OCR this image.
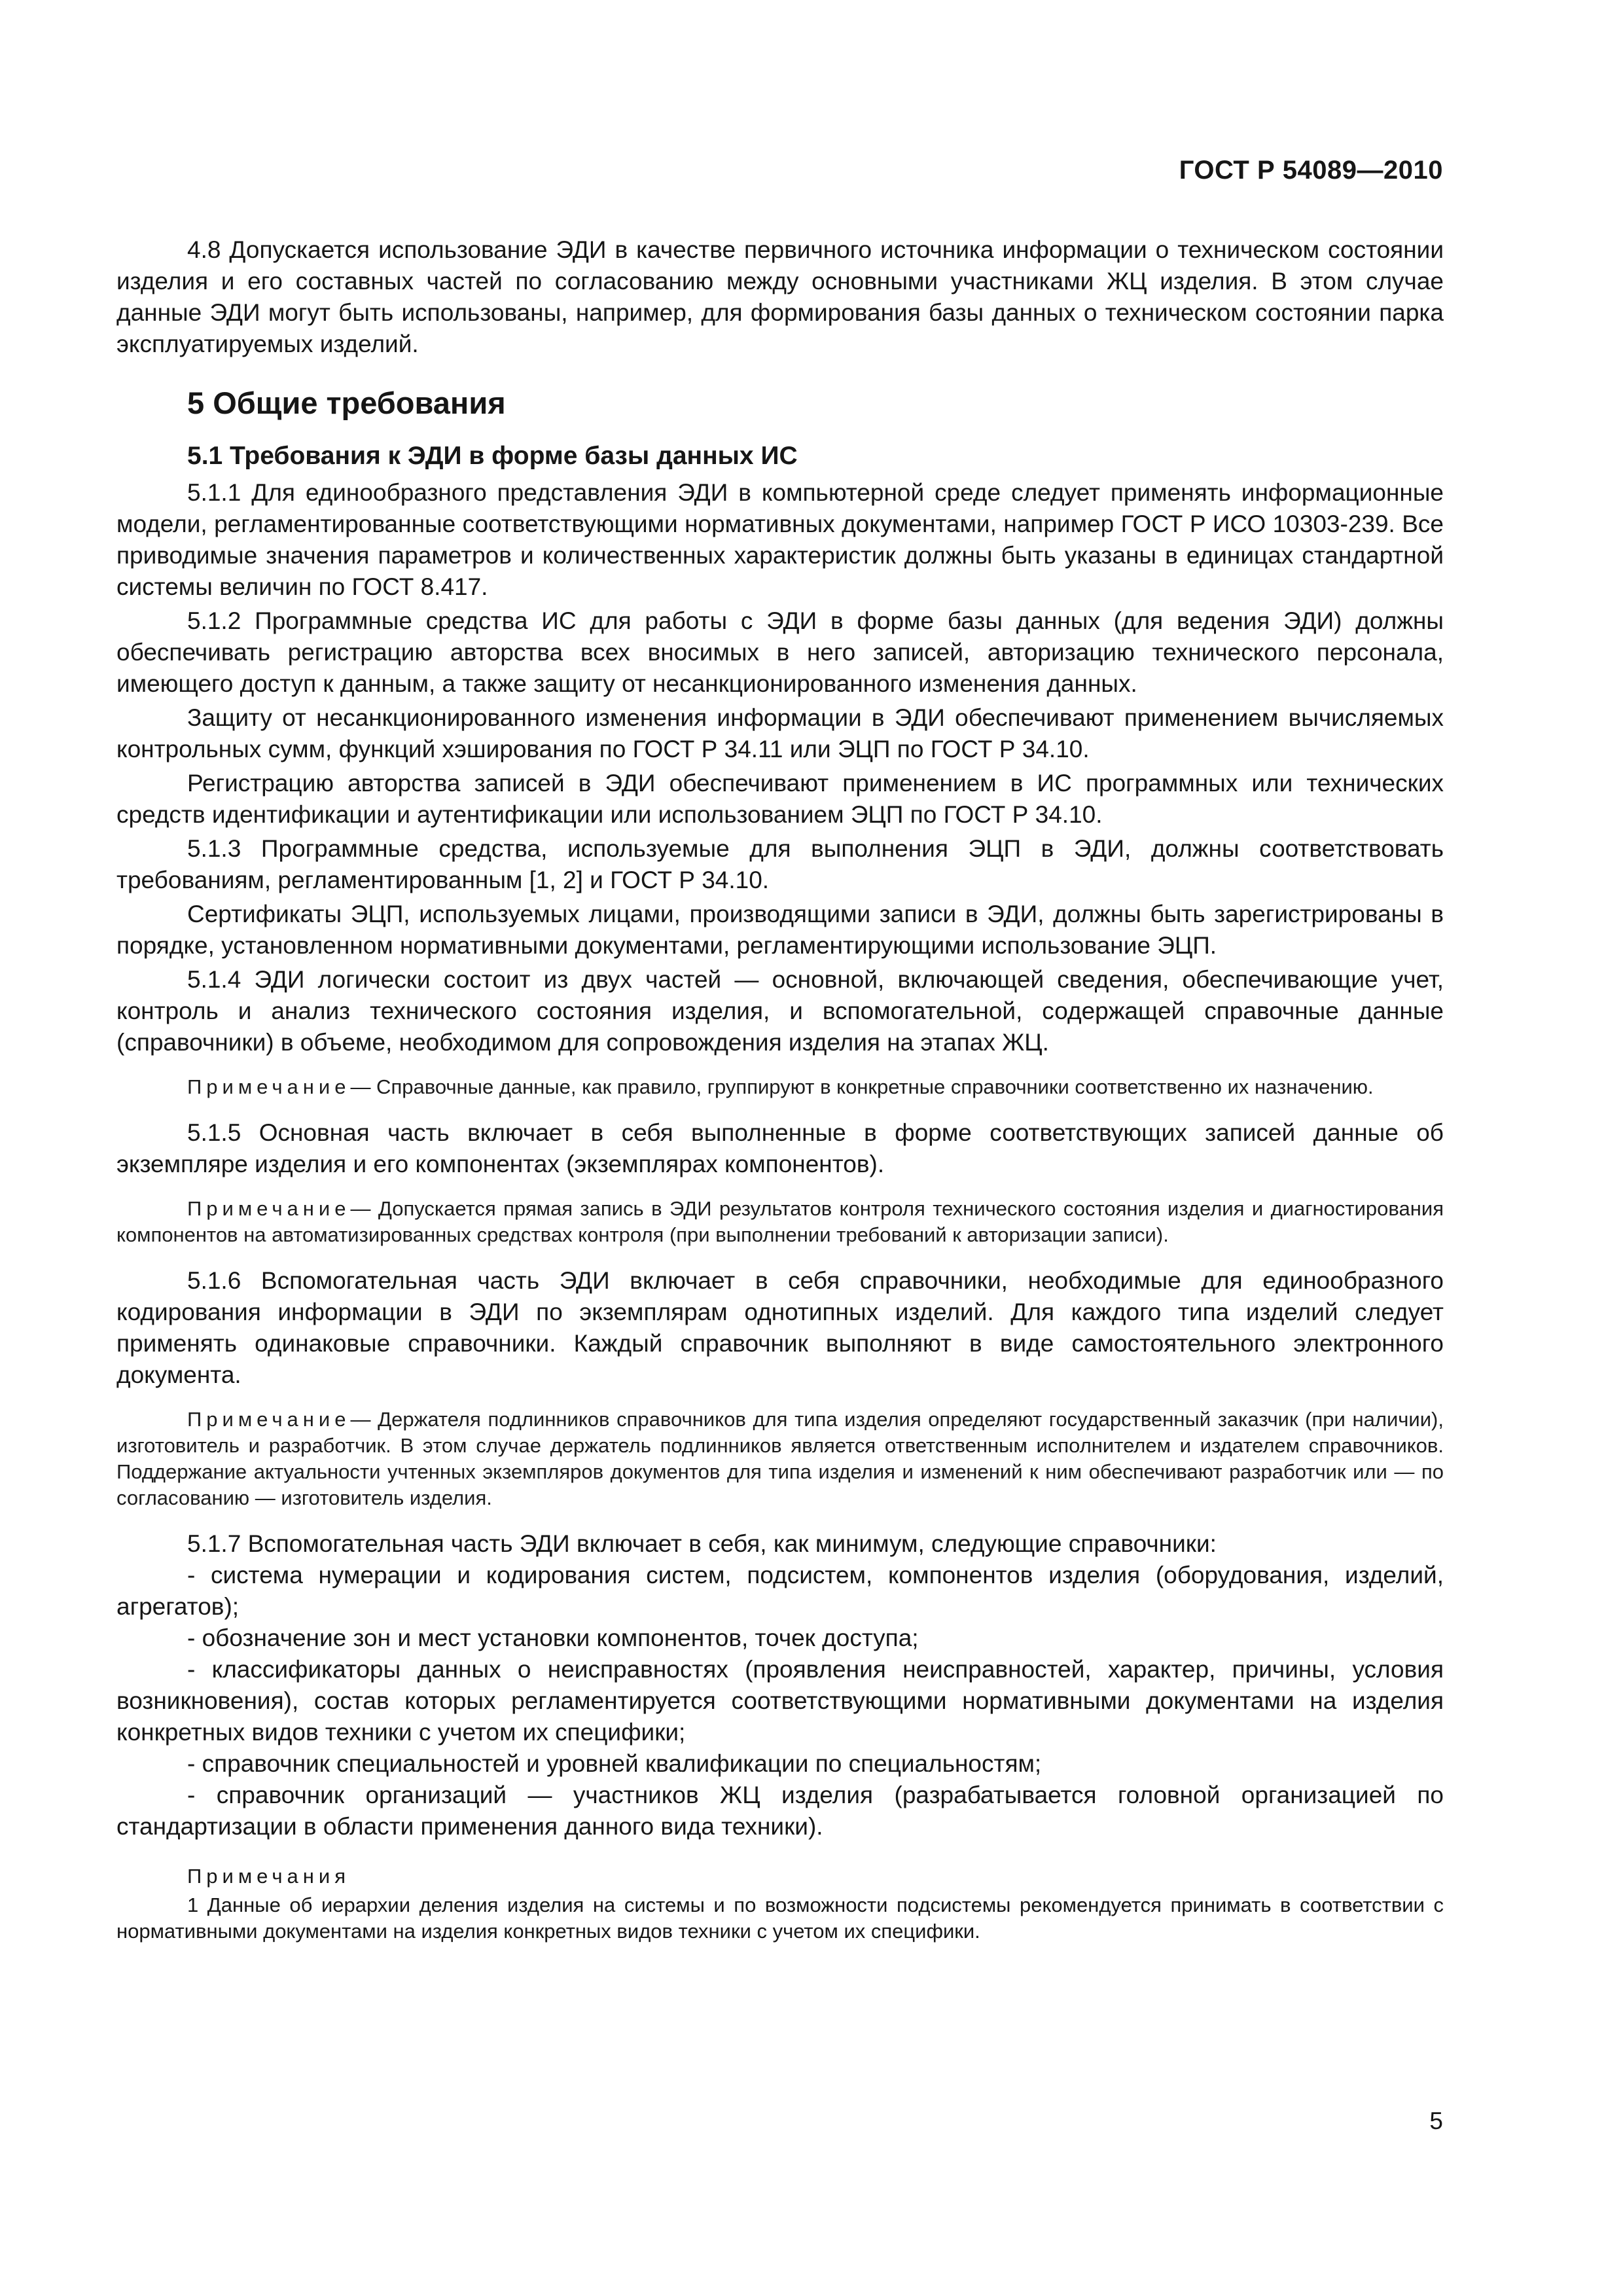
ГОСТ Р 54089—2010

4.8 Допускается использование ЭДИ в качестве первичного источника информации о техническом состоянии изделия и его составных частей по согласованию между основными участниками ЖЦ изделия. В этом случае данные ЭДИ могут быть использованы, например, для формирования базы данных о техническом состоянии парка эксплуатируемых изделий.

5 Общие требования
5.1 Требования к ЭДИ в форме базы данных ИС

5.1.1 Для единообразного представления ЭДИ в компьютерной среде следует применять информационные модели, регламентированные соответствующими нормативных документами, например ГОСТ Р ИСО 10303-239. Все приводимые значения параметров и количественных характеристик должны быть указаны в единицах стандартной системы величин по ГОСТ 8.417.

5.1.2 Программные средства ИС для работы с ЭДИ в форме базы данных (для ведения ЭДИ) должны обеспечивать регистрацию авторства всех вносимых в него записей, авторизацию технического персонала, имеющего доступ к данным, а также защиту от несанкционированного изменения данных.

Защиту от несанкционированного изменения информации в ЭДИ обеспечивают применением вычисляемых контрольных сумм, функций хэширования по ГОСТ Р 34.11 или ЭЦП по ГОСТ Р 34.10.

Регистрацию авторства записей в ЭДИ обеспечивают применением в ИС программных или технических средств идентификации и аутентификации или использованием ЭЦП по ГОСТ Р 34.10.

5.1.3 Программные средства, используемые для выполнения ЭЦП в ЭДИ, должны соответствовать требованиям, регламентированным [1, 2] и ГОСТ Р 34.10.

Сертификаты ЭЦП, используемых лицами, производящими записи в ЭДИ, должны быть зарегистрированы в порядке, установленном нормативными документами, регламентирующими использование ЭЦП.

5.1.4 ЭДИ логически состоит из двух частей — основной, включающей сведения, обеспечивающие учет, контроль и анализ технического состояния изделия, и вспомогательной, содержащей справочные данные (справочники) в объеме, необходимом для сопровождения изделия на этапах ЖЦ.

Примечание— Справочные данные, как правило, группируют в конкретные справочники соответственно их назначению.

5.1.5 Основная часть включает в себя выполненные в форме соответствующих записей данные об экземпляре изделия и его компонентах (экземплярах компонентов).

Примечание— Допускается прямая запись в ЭДИ результатов контроля технического состояния изделия и диагностирования компонентов на автоматизированных средствах контроля (при выполнении требований к авторизации записи).

5.1.6 Вспомогательная часть ЭДИ включает в себя справочники, необходимые для единообразного кодирования информации в ЭДИ по экземплярам однотипных изделий. Для каждого типа изделий следует применять одинаковые справочники. Каждый справочник выполняют в виде самостоятельного электронного документа.

Примечание— Держателя подлинников справочников для типа изделия определяют государственный заказчик (при наличии), изготовитель и разработчик. В этом случае держатель подлинников является ответственным исполнителем и издателем справочников. Поддержание актуальности учтенных экземпляров документов для типа изделия и изменений к ним обеспечивают разработчик или — по согласованию — изготовитель изделия.

5.1.7 Вспомогательная часть ЭДИ включает в себя, как минимум, следующие справочники:

- система нумерации и кодирования систем, подсистем, компонентов изделия (оборудования, изделий, агрегатов);

- обозначение зон и мест установки компонентов, точек доступа;

- классификаторы данных о неисправностях (проявления неисправностей, характер, причины, условия возникновения), состав которых регламентируется соответствующими нормативными документами на изделия конкретных видов техники с учетом их специфики;

- справочник специальностей и уровней квалификации по специальностям;

- справочник организаций — участников ЖЦ изделия (разрабатывается головной организацией по стандартизации в области применения данного вида техники).

Примечания

1 Данные об иерархии деления изделия на системы и по возможности подсистемы рекомендуется принимать в соответствии с нормативными документами на изделия конкретных видов техники с учетом их специфики.

5
